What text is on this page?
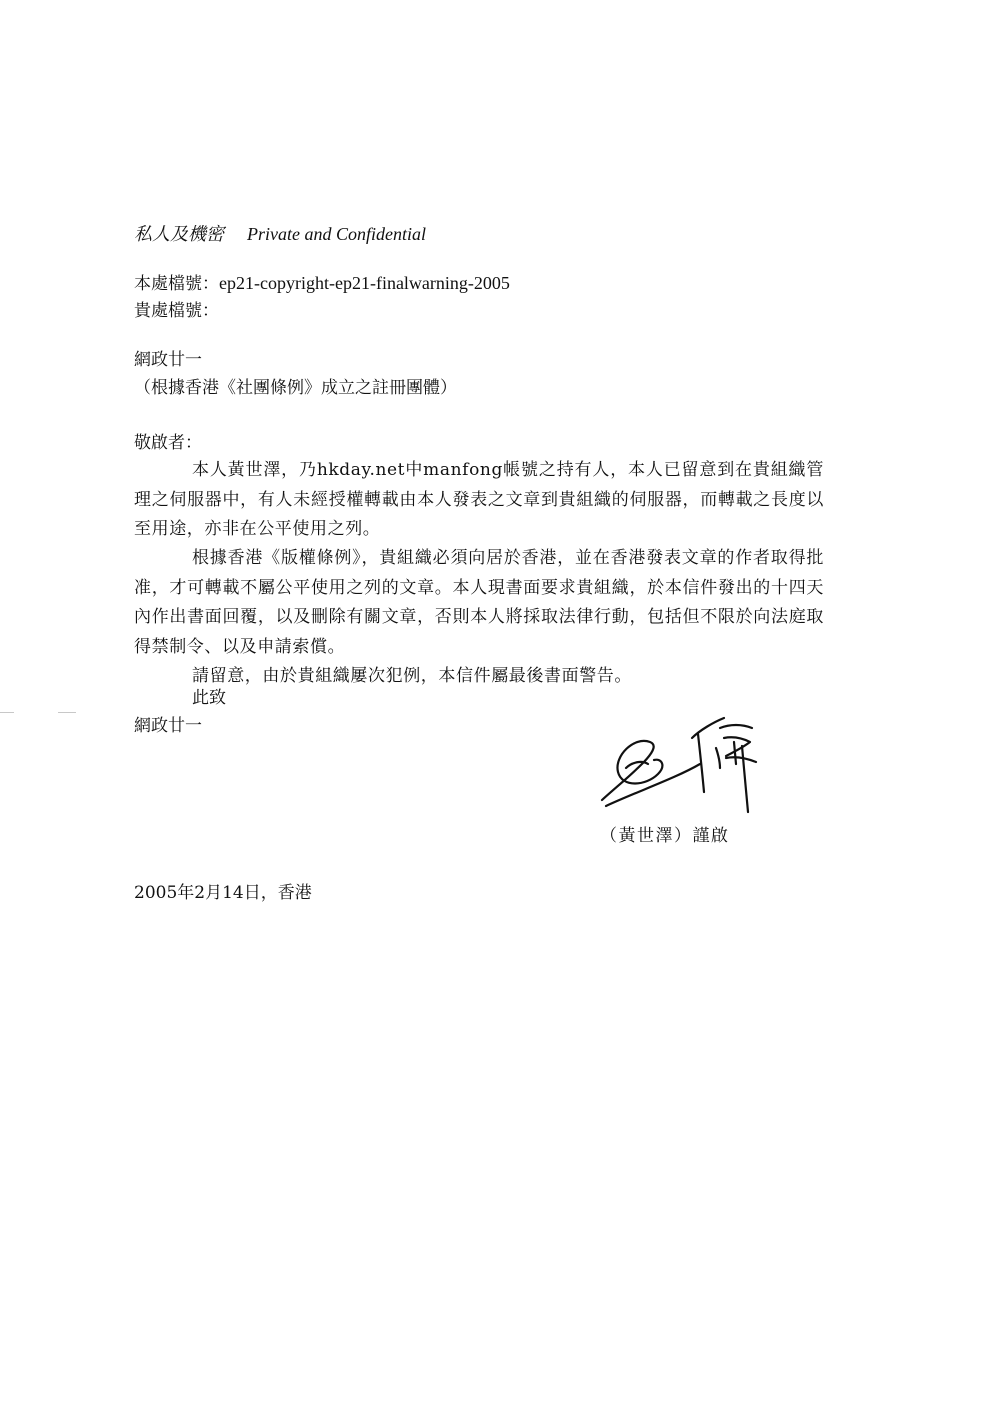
私人及機密 Private and Confidential
本處檔號：ep21-copyright-ep21-finalwarning-2005
貴處檔號：
網政廿一
（根據香港《社團條例》成立之註冊團體）
敬啟者：

本人黃世澤，乃hkday.net中manfong帳號之持有人，本人已留意到在貴組織管理之伺服器中，有人未經授權轉載由本人發表之文章到貴組織的伺服器，而轉載之長度以至用途，亦非在公平使用之列。

根據香港《版權條例》，貴組織必須向居於香港，並在香港發表文章的作者取得批准，才可轉載不屬公平使用之列的文章。本人現書面要求貴組織，於本信件發出的十四天內作出書面回覆，以及刪除有關文章，否則本人將採取法律行動，包括但不限於向法庭取得禁制令、以及申請索償。

請留意，由於貴組織屢次犯例，本信件屬最後書面警告。

此致
網政廿一
（黃世澤）謹啟
2005年2月14日，香港
